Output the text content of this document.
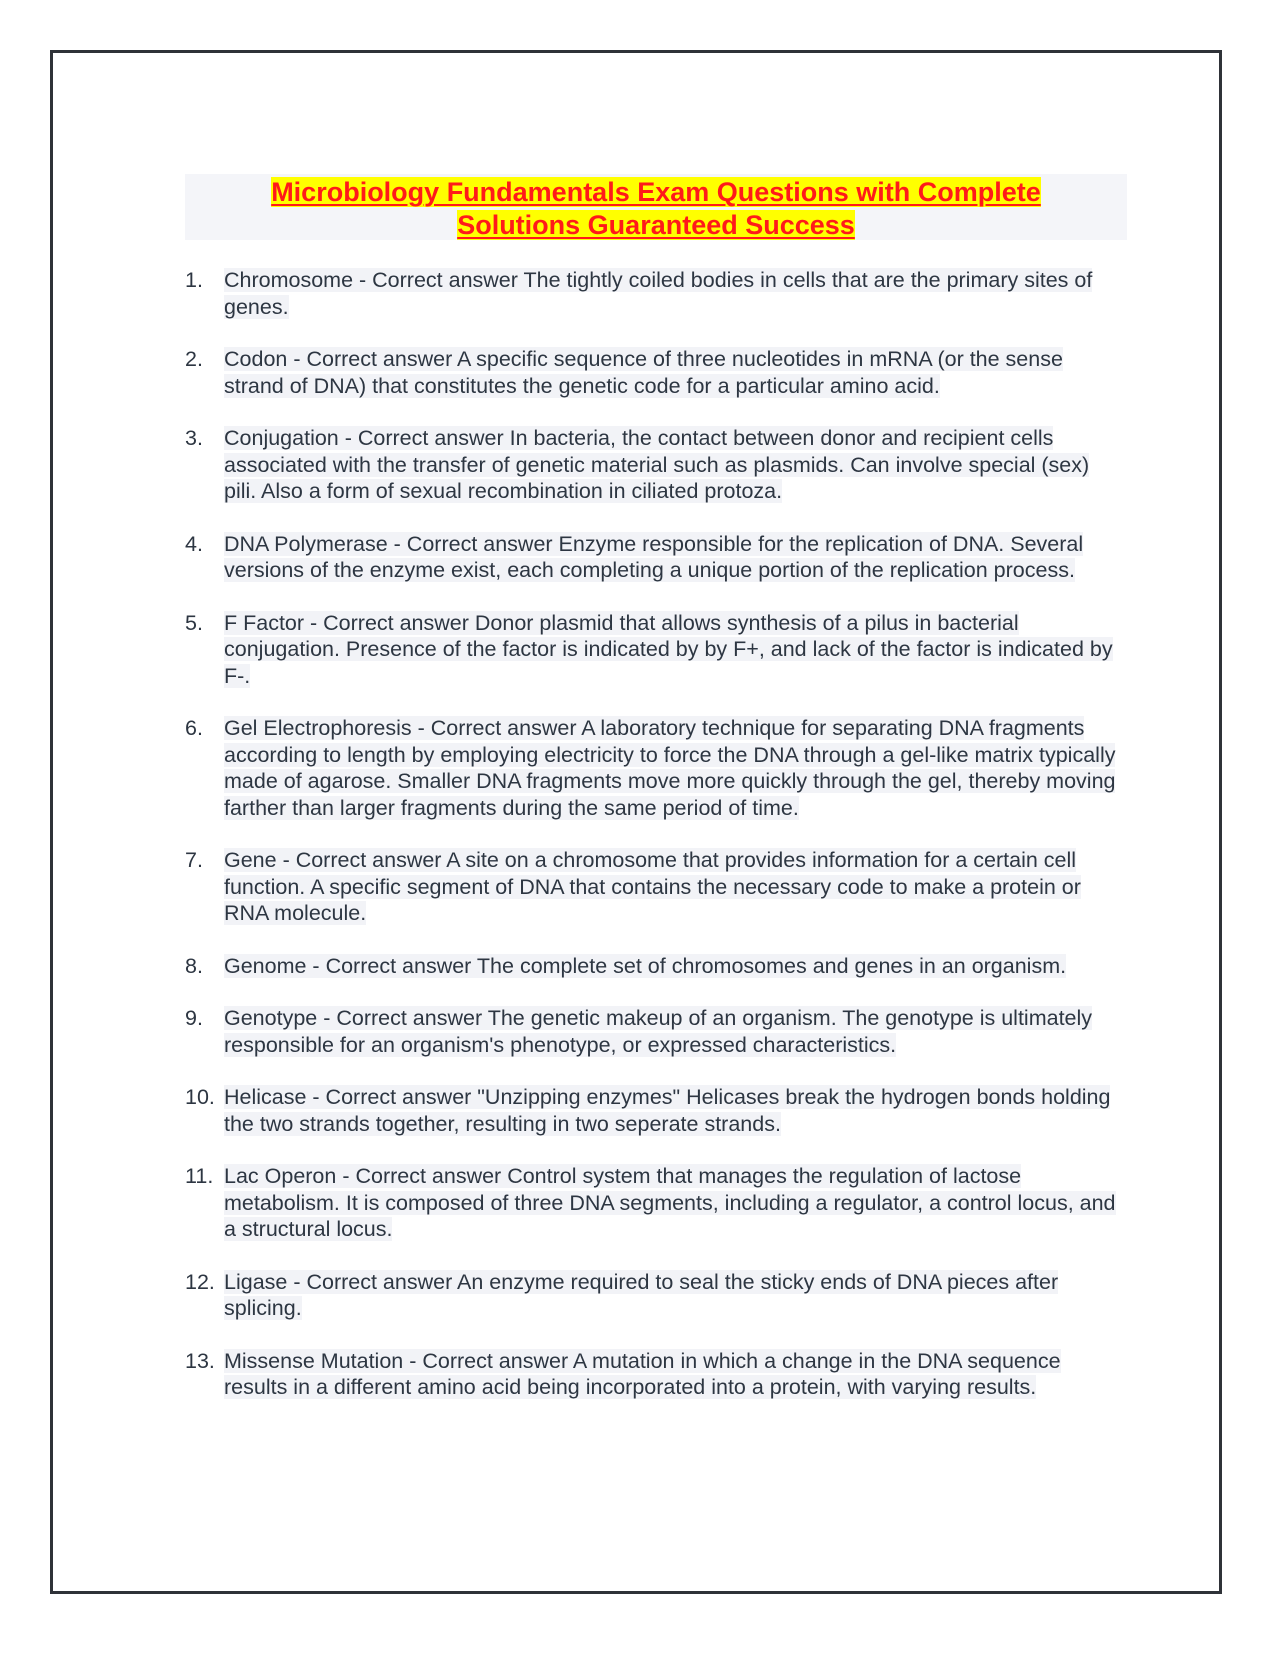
Microbiology Fundamentals Exam Questions with Complete
Solutions Guaranteed Success
1. Chromosome - Correct answer The tightly coiled bodies in cells that are the primary sites of genes.
2. Codon - Correct answer A specific sequence of three nucleotides in mRNA (or the sense strand of DNA) that constitutes the genetic code for a particular amino acid.
3. Conjugation - Correct answer In bacteria, the contact between donor and recipient cells associated with the transfer of genetic material such as plasmids. Can involve special (sex) pili. Also a form of sexual recombination in ciliated protoza.
4. DNA Polymerase - Correct answer Enzyme responsible for the replication of DNA. Several versions of the enzyme exist, each completing a unique portion of the replication process.
5. F Factor - Correct answer Donor plasmid that allows synthesis of a pilus in bacterial conjugation. Presence of the factor is indicated by by F+, and lack of the factor is indicated by F-.
6. Gel Electrophoresis - Correct answer A laboratory technique for separating DNA fragments according to length by employing electricity to force the DNA through a gel-like matrix typically made of agarose. Smaller DNA fragments move more quickly through the gel, thereby moving farther than larger fragments during the same period of time.
7. Gene - Correct answer A site on a chromosome that provides information for a certain cell function. A specific segment of DNA that contains the necessary code to make a protein or RNA molecule.
8. Genome - Correct answer The complete set of chromosomes and genes in an organism.
9. Genotype - Correct answer The genetic makeup of an organism. The genotype is ultimately responsible for an organism's phenotype, or expressed characteristics.
10. Helicase - Correct answer "Unzipping enzymes" Helicases break the hydrogen bonds holding the two strands together, resulting in two seperate strands.
11. Lac Operon - Correct answer Control system that manages the regulation of lactose metabolism. It is composed of three DNA segments, including a regulator, a control locus, and a structural locus.
12. Ligase - Correct answer An enzyme required to seal the sticky ends of DNA pieces after splicing.
13. Missense Mutation - Correct answer A mutation in which a change in the DNA sequence results in a different amino acid being incorporated into a protein, with varying results.
